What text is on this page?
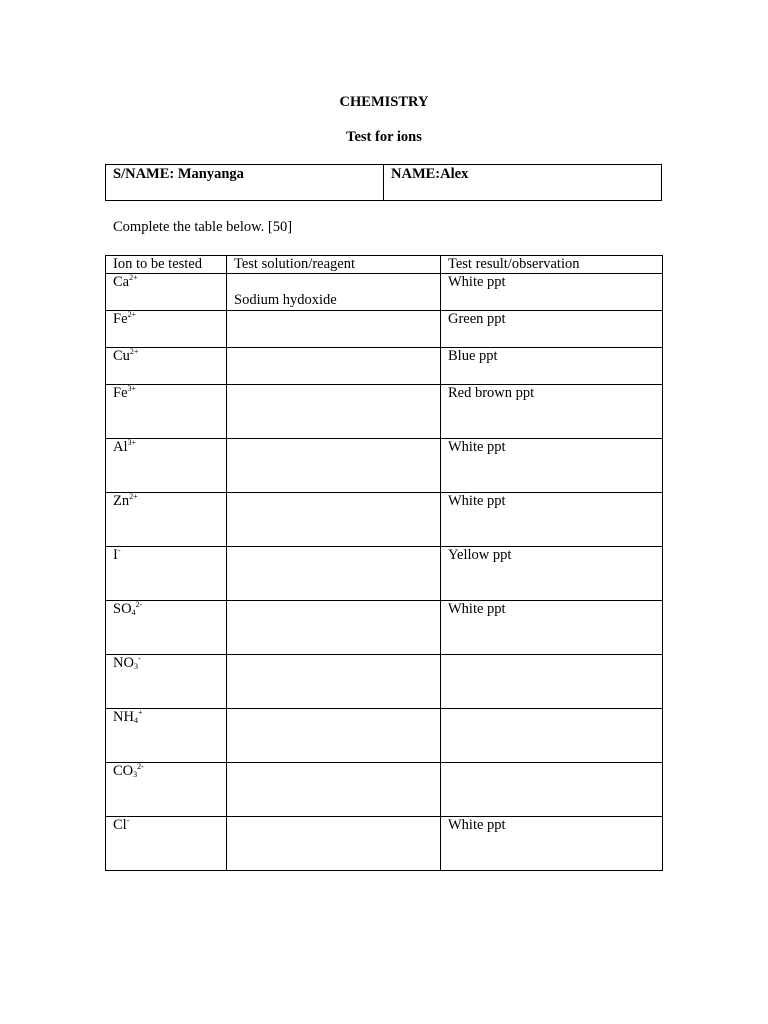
CHEMISTRY
Test for ions
S/NAME: Manyanga	NAME:Alex
Complete the table below. [50]
Ion to be tested	Test solution/reagent	Test result/observation
$Ca^{2+}$	Sodium hydoxide	White ppt
$Fe^{2+}$		Green ppt
$Cu^{2+}$		Blue ppt
$Fe^{3+}$		Red brown ppt
$Al^{3+}$		White ppt
$Zn^{2+}$		White ppt
I-		Yellow ppt
$SO_4^{2-}$		White ppt
$NO_3^-$		
$NH_4^+$		
$CO_3^{2-}$		
Cl-		White ppt
